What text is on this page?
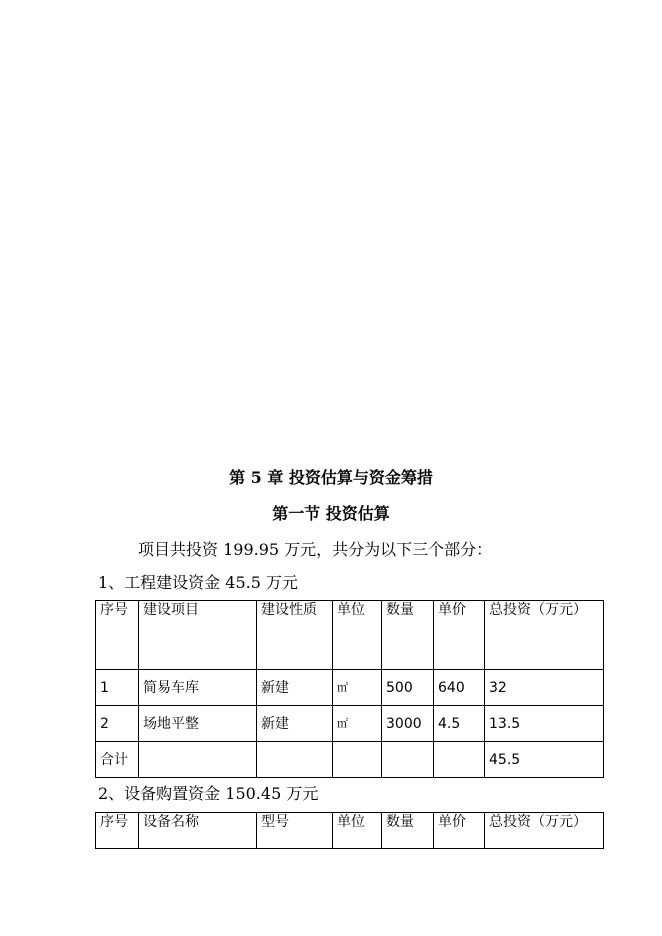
第 5 章 投资估算与资金筹措
第一节 投资估算
项目共投资 199.95 万元，共分为以下三个部分：
1、工程建设资金 45.5 万元
序号	建设项目	建设性质	单位	数量	单价	总投资（万元）
1	简易车库	新建	㎡	500	640	32
2	场地平整	新建	㎡	3000	4.5	13.5
合计						45.5
2、设备购置资金 150.45 万元
序号	设备名称	型号	单位	数量	单价	总投资（万元）
